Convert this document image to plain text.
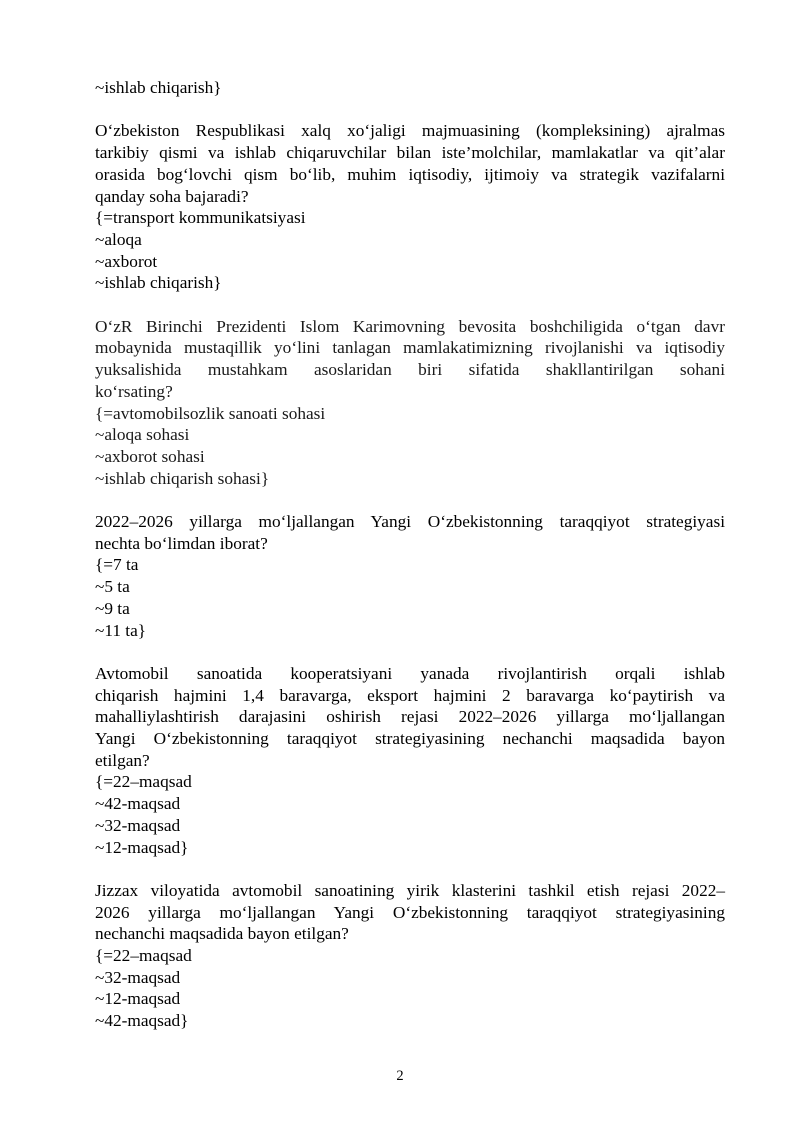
~ishlab chiqarish}
O‘zbekiston Respublikasi xalq xo‘jaligi majmuasining (kompleksining) ajralmas
tarkibiy qismi va ishlab chiqaruvchilar bilan iste’molchilar, mamlakatlar va qit’alar
orasida bog‘lovchi qism bo‘lib, muhim iqtisodiy, ijtimoiy va strategik vazifalarni
qanday soha bajaradi?
{=transport kommunikatsiyasi
~aloqa
~axborot
~ishlab chiqarish}
O‘zR Birinchi Prezidenti Islom Karimovning bevosita boshchiligida o‘tgan davr
mobaynida mustaqillik yo‘lini tanlagan mamlakatimizning rivojlanishi va iqtisodiy
yuksalishida mustahkam asoslaridan biri sifatida shakllantirilgan sohani
ko‘rsating?
{=avtomobilsozlik sanoati sohasi
~aloqa sohasi
~axborot sohasi
~ishlab chiqarish sohasi}
2022–2026 yillarga mo‘ljallangan Yangi O‘zbekistonning taraqqiyot strategiyasi
nechta bo‘limdan iborat?
{=7 ta
~5 ta
~9 ta
~11 ta}
Avtomobil sanoatida kooperatsiyani yanada rivojlantirish orqali ishlab
chiqarish hajmini 1,4 baravarga, eksport hajmini 2 baravarga ko‘paytirish va
mahalliylashtirish darajasini oshirish rejasi 2022–2026 yillarga mo‘ljallangan
Yangi O‘zbekistonning taraqqiyot strategiyasining nechanchi maqsadida bayon
etilgan?
{=22–maqsad
~42-maqsad
~32-maqsad
~12-maqsad}
Jizzax viloyatida avtomobil sanoatining yirik klasterini tashkil etish rejasi 2022–
2026 yillarga mo‘ljallangan Yangi O‘zbekistonning taraqqiyot strategiyasining
nechanchi maqsadida bayon etilgan?
{=22–maqsad
~32-maqsad
~12-maqsad
~42-maqsad}
2
